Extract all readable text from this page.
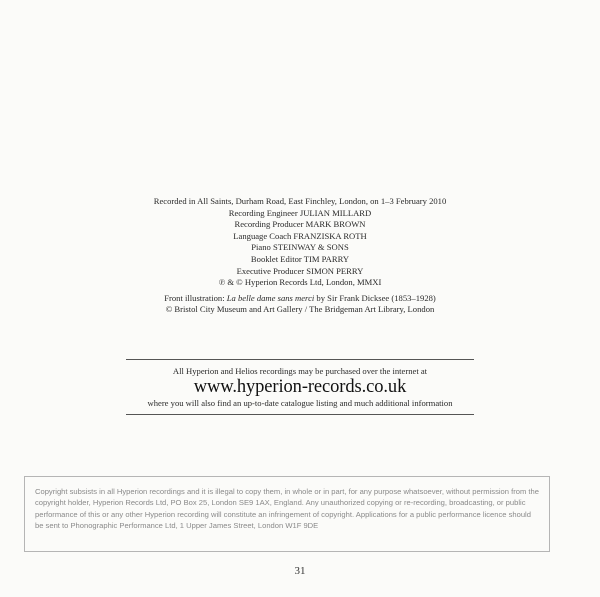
Recorded in All Saints, Durham Road, East Finchley, London, on 1–3 February 2010
Recording Engineer JULIAN MILLARD
Recording Producer MARK BROWN
Language Coach FRANZISKA ROTH
Piano STEINWAY & SONS
Booklet Editor TIM PARRY
Executive Producer SIMON PERRY
℗ & © Hyperion Records Ltd, London, MMXI
Front illustration: La belle dame sans merci by Sir Frank Dicksee (1853–1928)
© Bristol City Museum and Art Gallery / The Bridgeman Art Library, London
All Hyperion and Helios recordings may be purchased over the internet at
www.hyperion-records.co.uk
where you will also find an up-to-date catalogue listing and much additional information
Copyright subsists in all Hyperion recordings and it is illegal to copy them, in whole or in part, for any purpose whatsoever, without permission from the copyright holder, Hyperion Records Ltd, PO Box 25, London SE9 1AX, England. Any unauthorized copying or re-recording, broadcasting, or public performance of this or any other Hyperion recording will constitute an infringement of copyright. Applications for a public performance licence should be sent to Phonographic Performance Ltd, 1 Upper James Street, London W1F 9DE
31
